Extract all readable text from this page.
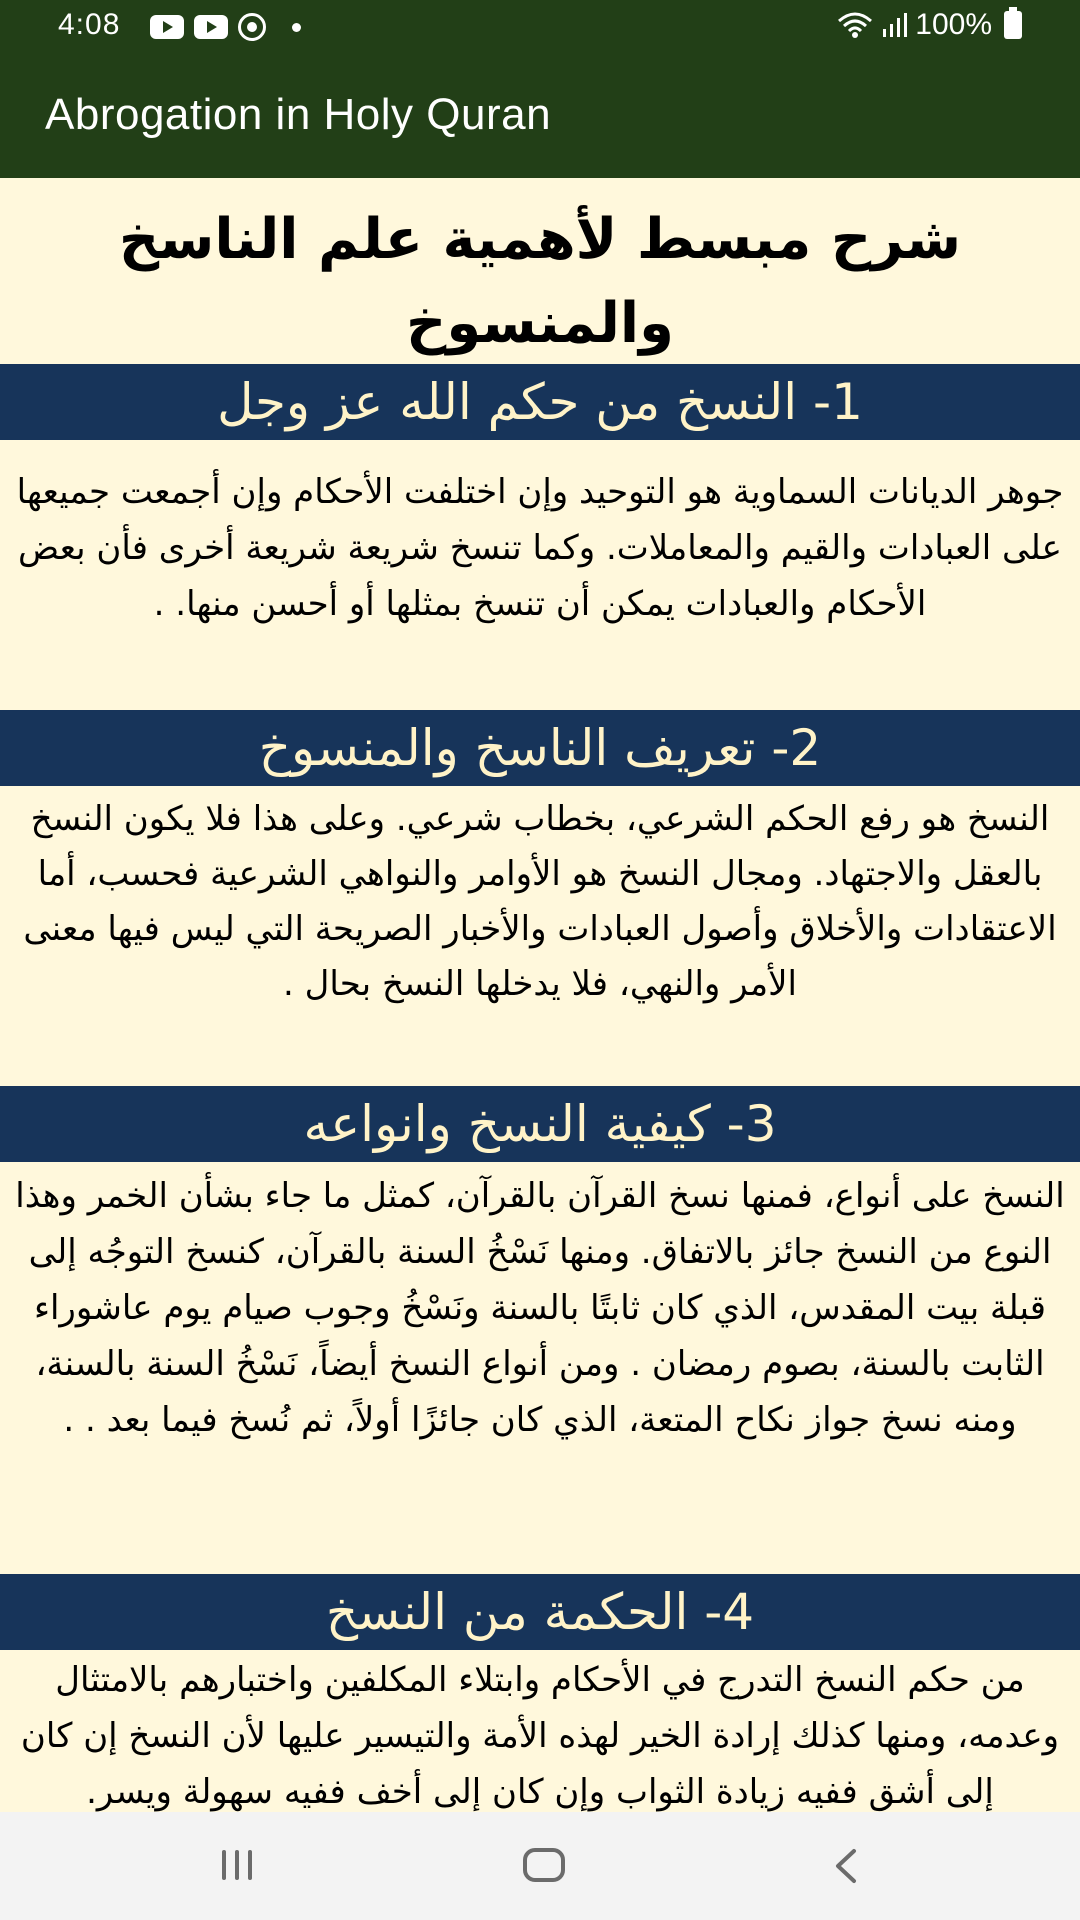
4:08	100%
Abrogation in Holy Quran
شرح مبسط لأهمية علم الناسخ والمنسوخ
1- النسخ من حكم الله عز وجل
جوهر الديانات السماوية هو التوحيد وإن اختلفت الأحكام وإن أجمعت جميعها على العبادات والقيم والمعاملات. وكما تنسخ شريعة شريعة أخرى فأن بعض الأحكام والعبادات يمكن أن تنسخ بمثلها أو أحسن منها. .
2- تعريف الناسخ والمنسوخ
النسخ هو رفع الحكم الشرعي، بخطاب شرعي. وعلى هذا فلا يكون النسخ بالعقل والاجتهاد. ومجال النسخ هو الأوامر والنواهي الشرعية فحسب، أما الاعتقادات والأخلاق وأصول العبادات والأخبار الصريحة التي ليس فيها معنى الأمر والنهي، فلا يدخلها النسخ بحال .
3- كيفية النسخ وانواعه
النسخ على أنواع، فمنها نسخ القرآن بالقرآن، كمثل ما جاء بشأن الخمر وهذا النوع من النسخ جائز بالاتفاق. ومنها نَسْخُ السنة بالقرآن، كنسخ التوجُه إلى قبلة بيت المقدس، الذي كان ثابتًا بالسنة ونَسْخُ وجوب صيام يوم عاشوراء الثابت بالسنة، بصوم رمضان . ومن أنواع النسخ أيضاً، نَسْخُ السنة بالسنة، ومنه نسخ جواز نكاح المتعة، الذي كان جائزًا أولاً، ثم نُسخ فيما بعد . .
4- الحكمة من النسخ
من حكم النسخ التدرج في الأحكام وابتلاء المكلفين واختبارهم بالامتثال وعدمه، ومنها كذلك إرادة الخير لهذه الأمة والتيسير عليها لأن النسخ إن كان إلى أشق ففيه زيادة الثواب وإن كان إلى أخف ففيه سهولة ويسر.
